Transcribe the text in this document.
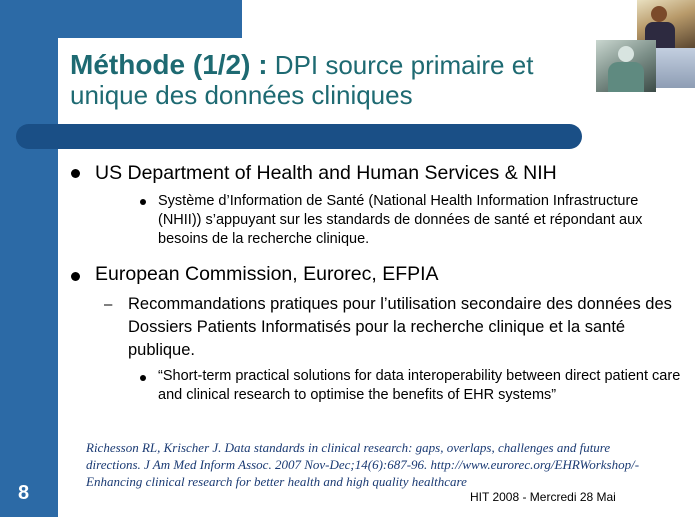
Méthode (1/2) : DPI source primaire et unique des données cliniques
US Department of Health and Human Services & NIH
Système d’Information de Santé (National Health Information Infrastructure (NHII)) s’appuyant sur les standards de données de santé et répondant aux besoins de la recherche clinique.
European Commission, Eurorec, EFPIA
– Recommandations pratiques pour l’utilisation secondaire des données des Dossiers Patients Informatisés pour la recherche clinique et la santé publique.
“Short-term practical solutions for data interoperability between direct patient care and clinical research to optimise the benefits of EHR systems”
Richesson RL, Krischer J. Data standards in clinical research: gaps, overlaps, challenges and future directions. J Am Med Inform Assoc. 2007 Nov-Dec;14(6):687-96. http://www.eurorec.org/EHRWorkshop/-Enhancing clinical research for better health and high quality healthcare
8	HIT 2008 - Mercredi 28 Mai
